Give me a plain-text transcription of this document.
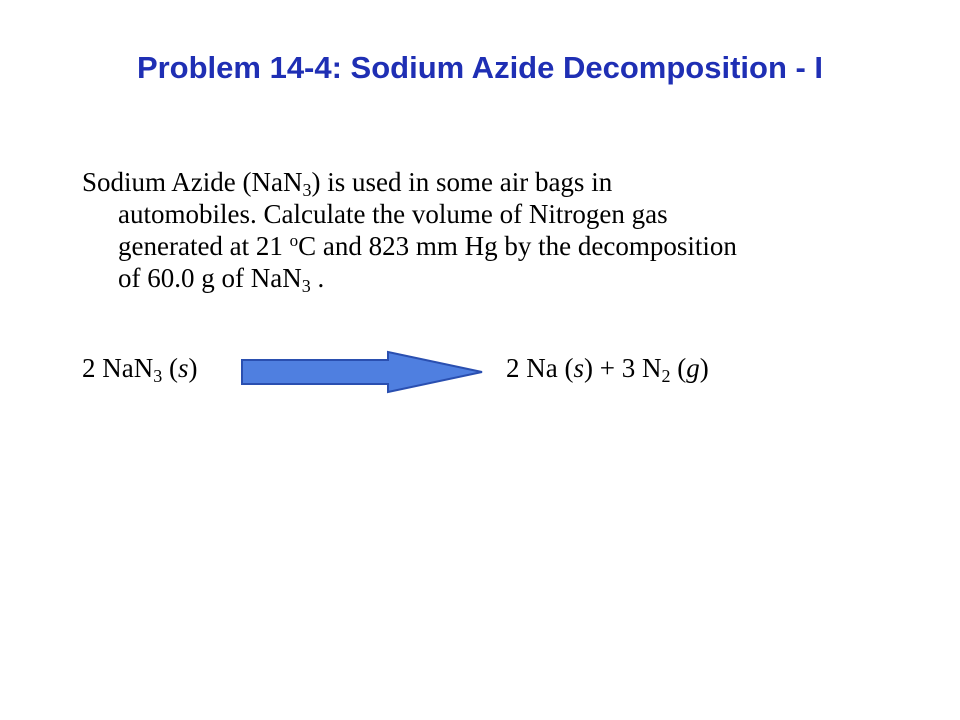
Problem 14-4: Sodium Azide Decomposition - I
Sodium Azide (NaN$_3$) is used in some air bags in
automobiles. Calculate the volume of Nitrogen gas
generated at 21 $^o$C and 823 mm Hg by the decomposition
of 60.0 g of NaN$_3$ .
2 NaN$_3$ (s)	2 Na (s) + 3 $N_2$ (g)
